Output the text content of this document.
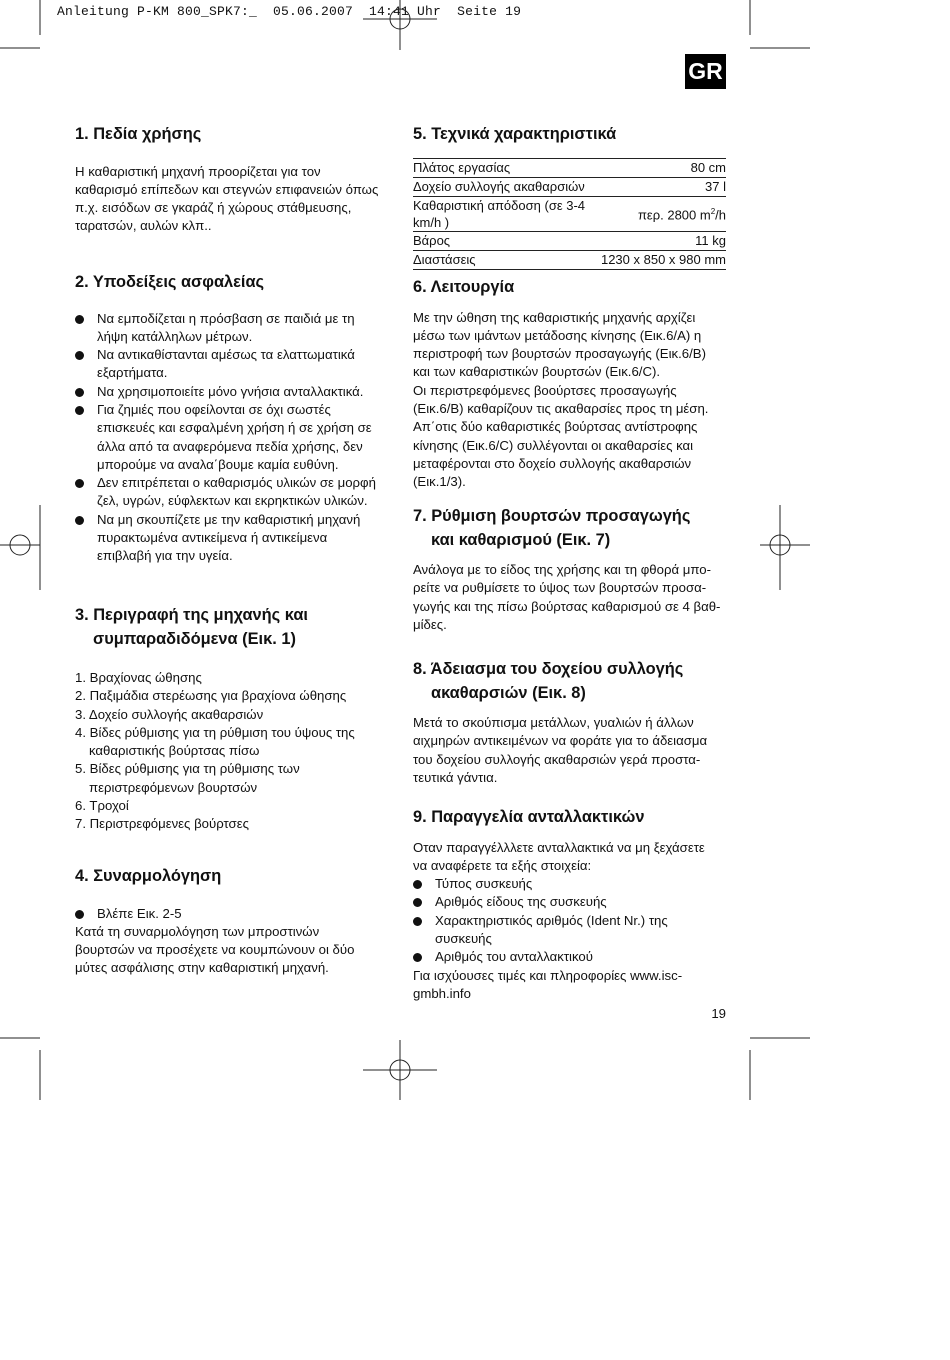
Anleitung P-KM 800_SPK7:_  05.06.2007  14:41 Uhr  Seite 19
GR
1. Πεδία χρήσης

Η καθαριστική μηχανή προορίζεται για τον

καθαρισμό επίπεδων και στεγνών επιφανειών όπως

π.χ. εισόδων σε γκαράζ ή χώρους στάθμευσης,

ταρατσών, αυλών κλπ..

2. Υποδείξεις ασφαλείας

Να εμποδίζεται η πρόσβαση σε παιδιά με τη

λήψη κατάλληλων μέτρων.

Να αντικαθίστανται αμέσως τα ελαττωματικά

εξαρτήματα.

Να χρησιμοποιείτε μόνο γνήσια ανταλλακτικά.

Για ζημιές που οφείλονται σε όχι σωστές

επισκευές και εσφαλμένη χρήση ή σε χρήση σε

άλλα από τα αναφερόμενα πεδία χρήσης, δεν

μπορούμε να αναλα΄βουμε καμία ευθύνη.

Δεν επιτρέπεται ο καθαρισμός υλικών σε μορφή

ζελ, υγρών, εύφλεκτων και εκρηκτικών υλικών.

Να μη σκουπίζετε με την καθαριστική μηχανή

πυρακτωμένα αντικείμενα ή αντικείμενα

επιβλαβή για την υγεία.

3. Περιγραφή της μηχανής και
συμπαραδιδόμενα (Εικ. 1)
1. Βραχίονας ώθησης
2. Παξιμάδια στερέωσης για βραχίονα ώθησης
3. Δοχείο συλλογής ακαθαρσιών
4. Βίδες ρύθμισης για τη ρύθμιση του ύψους της
καθαριστικής βούρτσας πίσω
5. Βίδες ρύθμισης για τη ρύθμισης των
περιστρεφόμενων βουρτσών
6. Τροχοί
7. Περιστρεφόμενες βούρτσες
4. Συναρμολόγηση
Βλέπε Εικ. 2-5

Κατά τη συναρμολόγηση των μπροστινών

βουρτσών να προσέχετε να κουμπώνουν οι δύο

μύτες ασφάλισης στην καθαριστική μηχανή.

5. Τεχνικά χαρακτηριστικά
Πλάτος εργασίας	80 cm
Δοχείο συλλογής ακαθαρσιών	37 l
Καθαριστική απόδοση (σε 3-4 km/h )	περ. 2800 $m^2/h$
Βάρος	11 kg
Διαστάσεις	1230 x 850 x 980 mm
6. Λειτουργία

Με την ώθηση της καθαριστικής μηχανής αρχίζει

μέσω των ιμάντων μετάδοσης κίνησης (Εικ.6/A) η

περιστροφή των βουρτσών προσαγωγής (Εικ.6/B)

και των καθαριστικών βουρτσών (Εικ.6/C).

Οι περιστρεφόμενες βοούρτσες προσαγωγής

(Εικ.6/B) καθαρίζουν τις ακαθαρσίες προς τη μέση.

Απ΄οτις δύο καθαριστικές βούρτσας αντίστροφης

κίνησης (Εικ.6/C) συλλέγονται οι ακαθαρσίες και

μεταφέρονται στο δοχείο συλλογής ακαθαρσιών

(Εικ.1/3).

7. Ρύθμιση βουρτσών προσαγωγής
και καθαρισμού (Εικ. 7)

Ανάλογα με το είδος της χρήσης και τη φθορά μπο-

ρείτε να ρυθμίσετε το ύψος των βουρτσών προσα-

γωγής και της πίσω βούρτσας καθαρισμού σε 4 βαθ-

μίδες.

8. Άδειασμα του δοχείου συλλογής
ακαθαρσιών (Εικ. 8)

Μετά το σκούπισμα μετάλλων, γυαλιών ή άλλων

αιχμηρών αντικειμένων να φοράτε για το άδειασμα

του δοχείου συλλογής ακαθαρσιών γερά προστα-

τευτικά γάντια.

9. Παραγγελία ανταλλακτικών

Οταν παραγγέλλλετε ανταλλακτικά να μη ξεχάσετε

να αναφέρετε τα εξής στοιχεία:

Τύπος συσκευής

Αριθμός είδους της συσκευής

Χαρακτηριστικός αριθμός (Ident Nr.) της

συσκευής

Αριθμός του ανταλλακτικού

Για ισχύουσες τιμές και πληροφορίες www.isc-

gmbh.info

19
